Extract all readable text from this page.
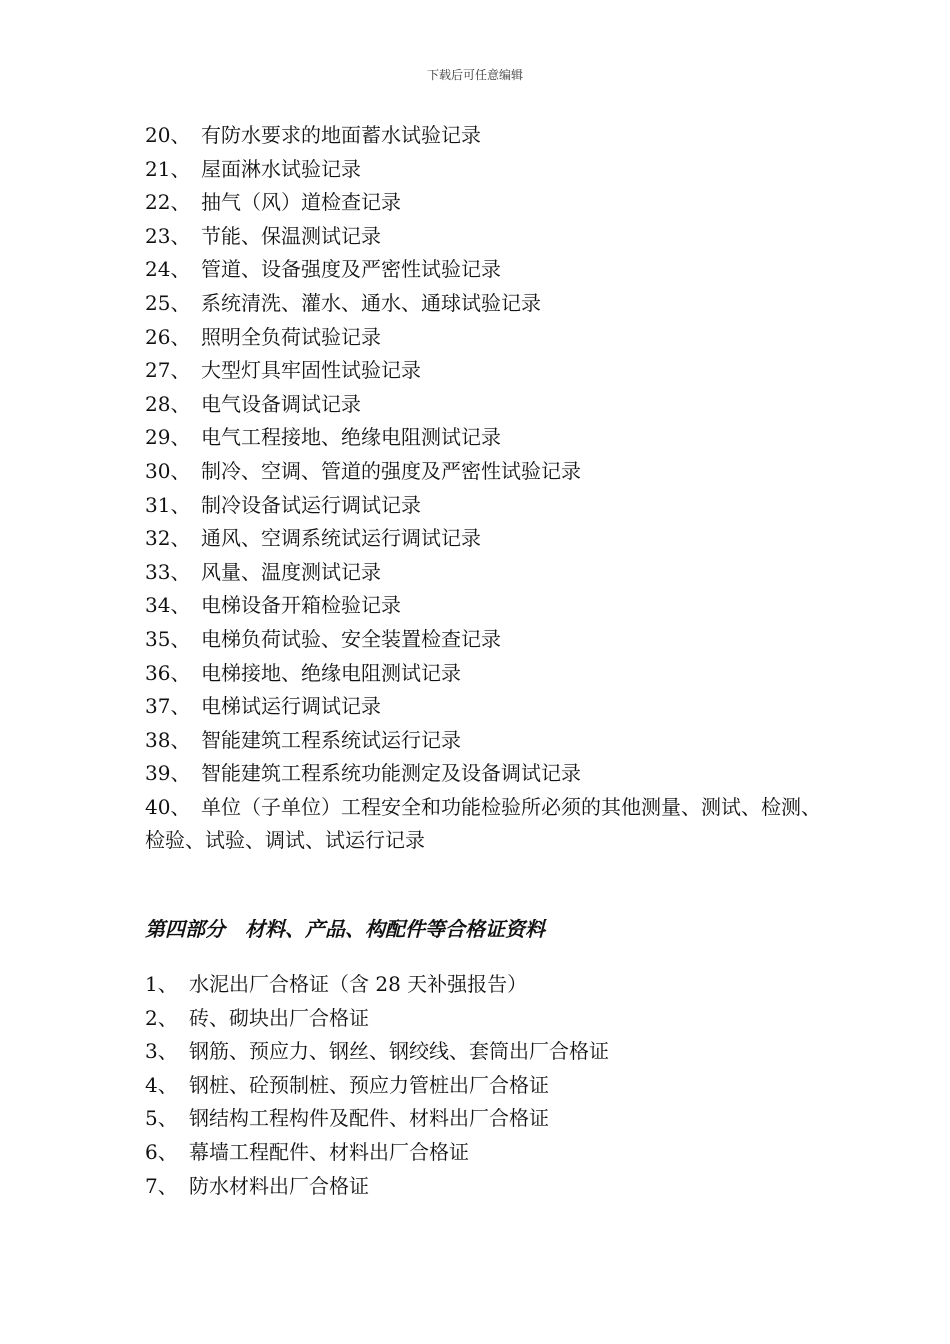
下载后可任意编辑
20、 有防水要求的地面蓄水试验记录
21、 屋面淋水试验记录
22、 抽气（风）道检查记录
23、 节能、保温测试记录
24、 管道、设备强度及严密性试验记录
25、 系统清洗、灌水、通水、通球试验记录
26、 照明全负荷试验记录
27、 大型灯具牢固性试验记录
28、 电气设备调试记录
29、 电气工程接地、绝缘电阻测试记录
30、 制冷、空调、管道的强度及严密性试验记录
31、 制冷设备试运行调试记录
32、 通风、空调系统试运行调试记录
33、 风量、温度测试记录
34、 电梯设备开箱检验记录
35、 电梯负荷试验、安全装置检查记录
36、 电梯接地、绝缘电阻测试记录
37、 电梯试运行调试记录
38、 智能建筑工程系统试运行记录
39、 智能建筑工程系统功能测定及设备调试记录
40、 单位（子单位）工程安全和功能检验所必须的其他测量、测试、检测、检验、试验、调试、试运行记录
第四部分　材料、产品、构配件等合格证资料
1、 水泥出厂合格证（含 28 天补强报告）
2、 砖、砌块出厂合格证
3、 钢筋、预应力、钢丝、钢绞线、套筒出厂合格证
4、 钢桩、砼预制桩、预应力管桩出厂合格证
5、 钢结构工程构件及配件、材料出厂合格证
6、 幕墙工程配件、材料出厂合格证
7、 防水材料出厂合格证
